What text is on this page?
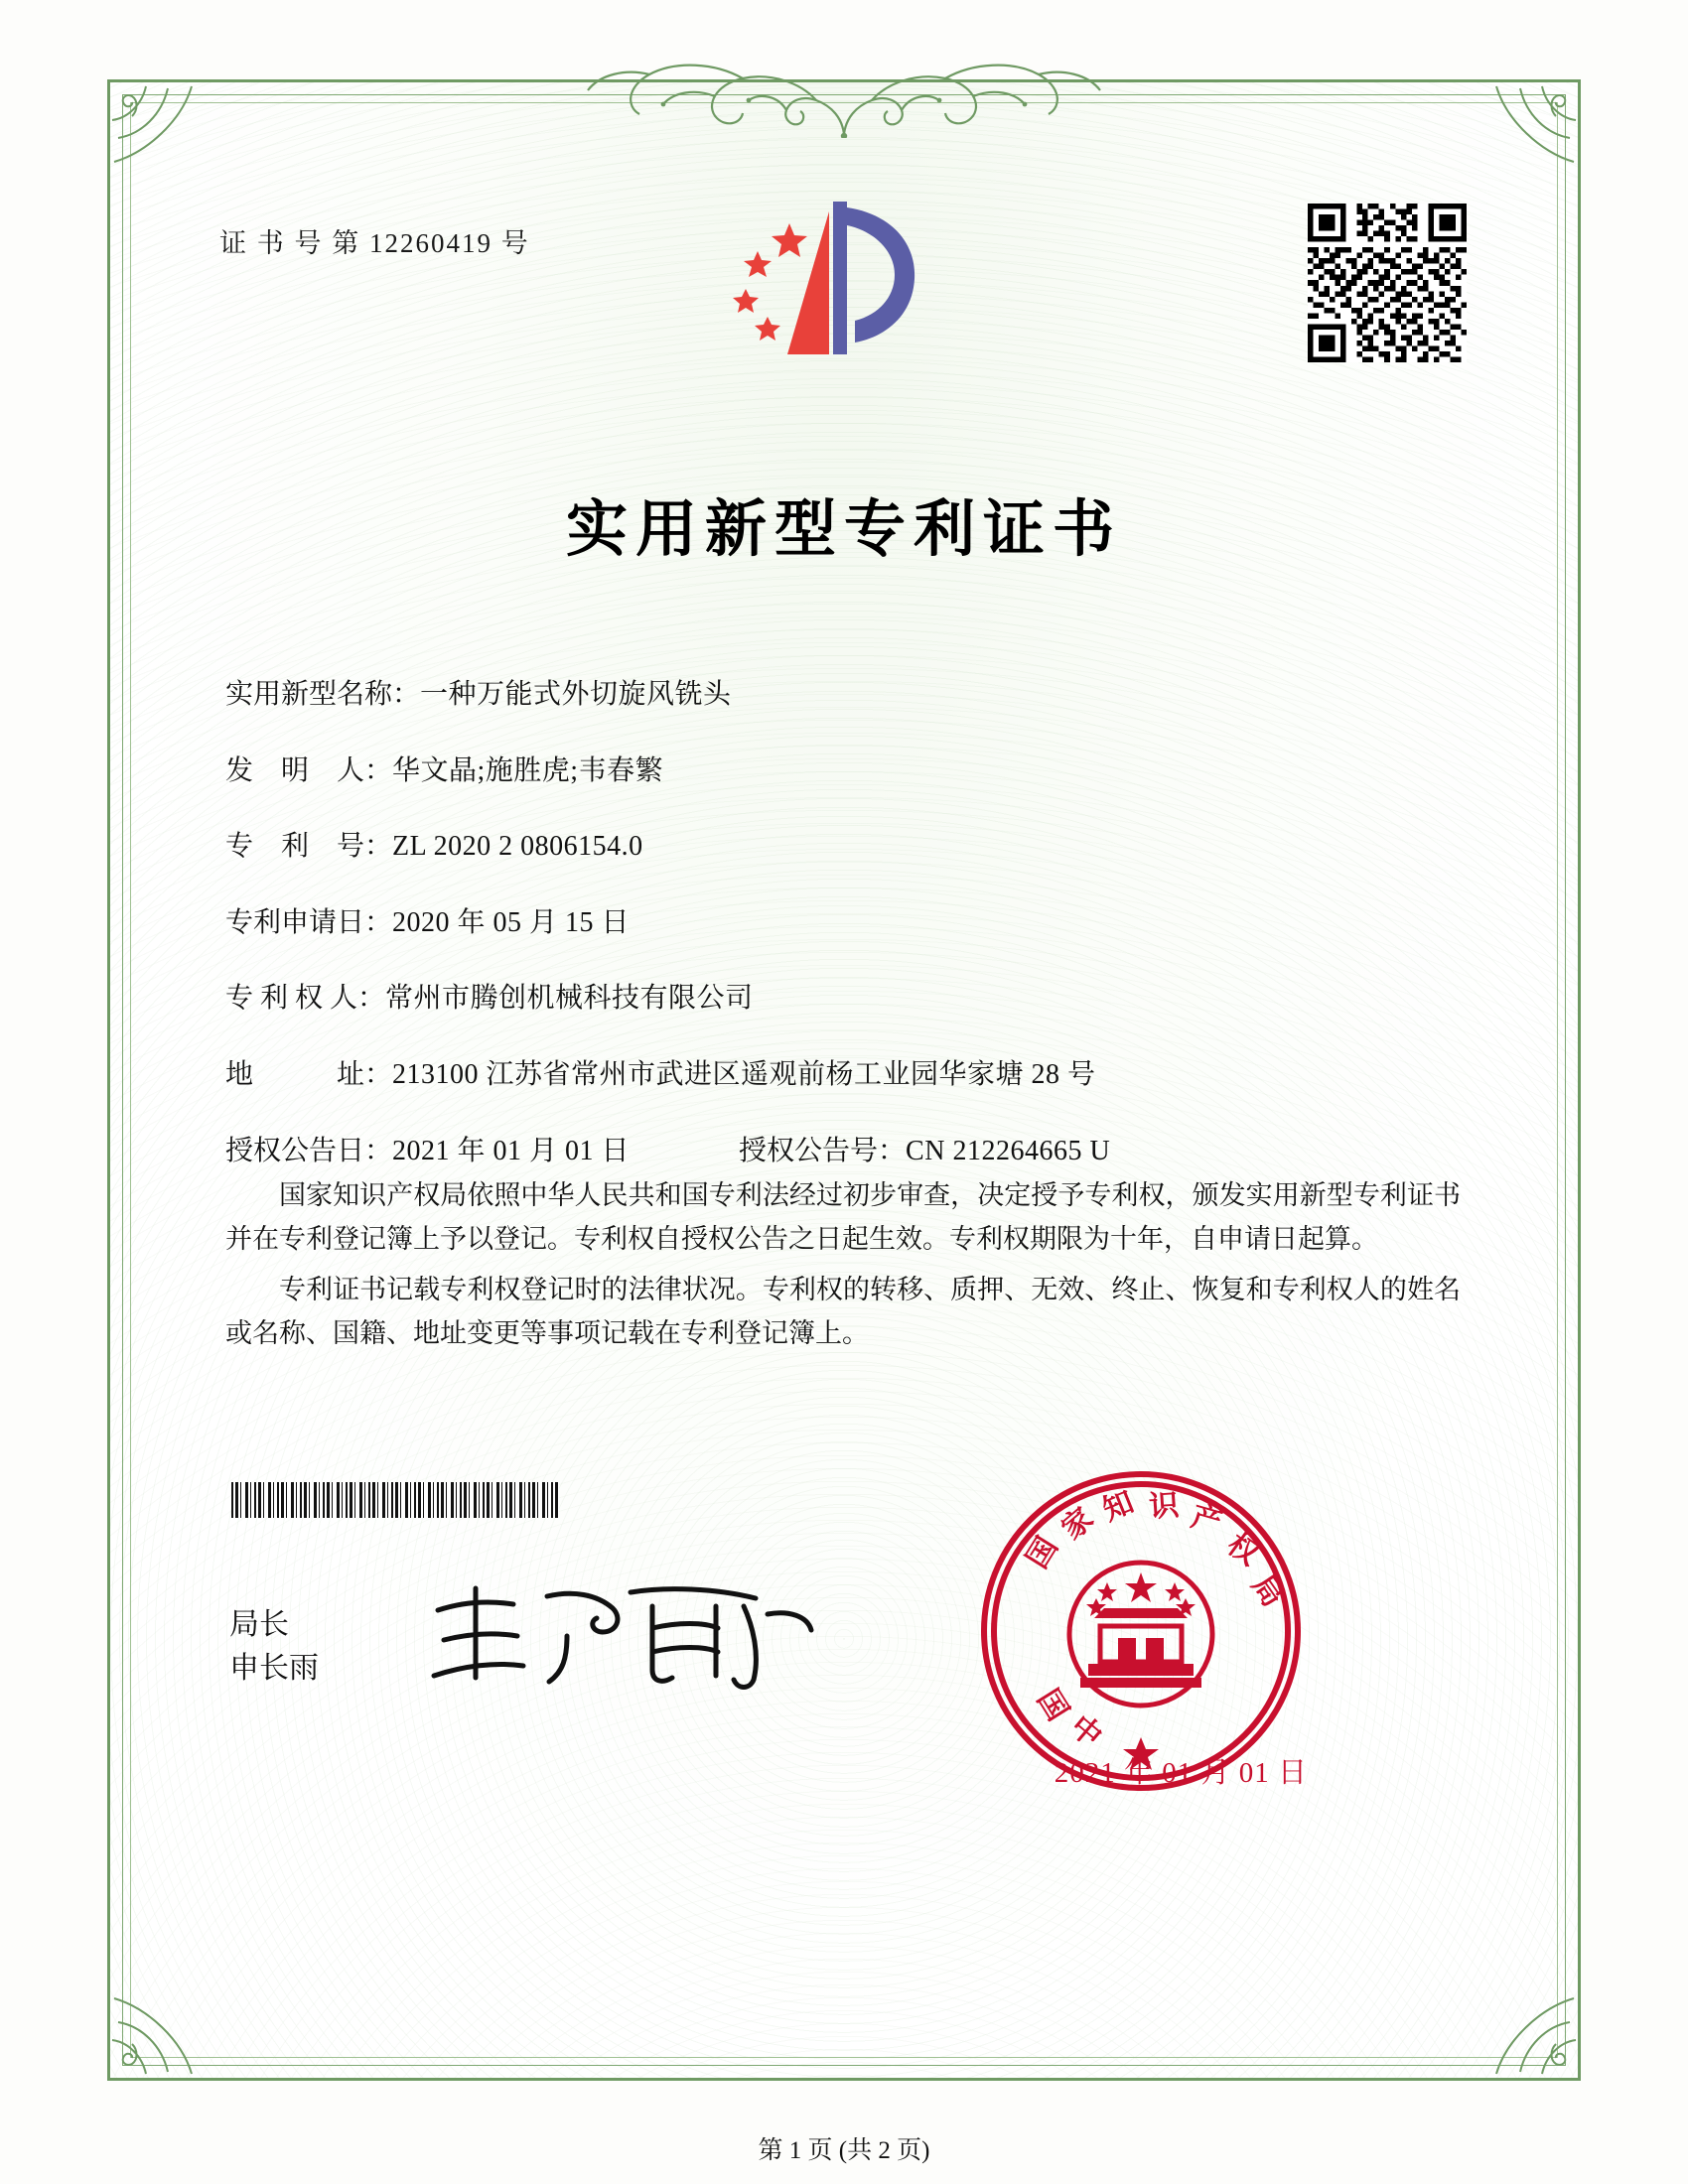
证 书 号 第 12260419 号
实用新型专利证书
实用新型名称： 一种万能式外切旋风铣头
发　明　人： 华文晶;施胜虎;韦春繁
专　利　号： ZL 2020 2 0806154.0
专利申请日： 2020 年 05 月 15 日
专 利 权 人： 常州市腾创机械科技有限公司
地　　　址： 213100 江苏省常州市武进区遥观前杨工业园华家塘 28 号
授权公告日： 2021 年 01 月 01 日	授权公告号： CN 212264665 U

国家知识产权局依照中华人民共和国专利法经过初步审查，决定授予专利权，颁发实用新型专利证书并在专利登记簿上予以登记。专利权自授权公告之日起生效。专利权期限为十年，自申请日起算。

专利证书记载专利权登记时的法律状况。专利权的转移、质押、无效、终止、恢复和专利权人的姓名或名称、国籍、地址变更等事项记载在专利登记簿上。

局长
申长雨
国
家
知 识 产
权
局
国
中
2021 年 01 月 01 日
第 1 页 (共 2 页)
